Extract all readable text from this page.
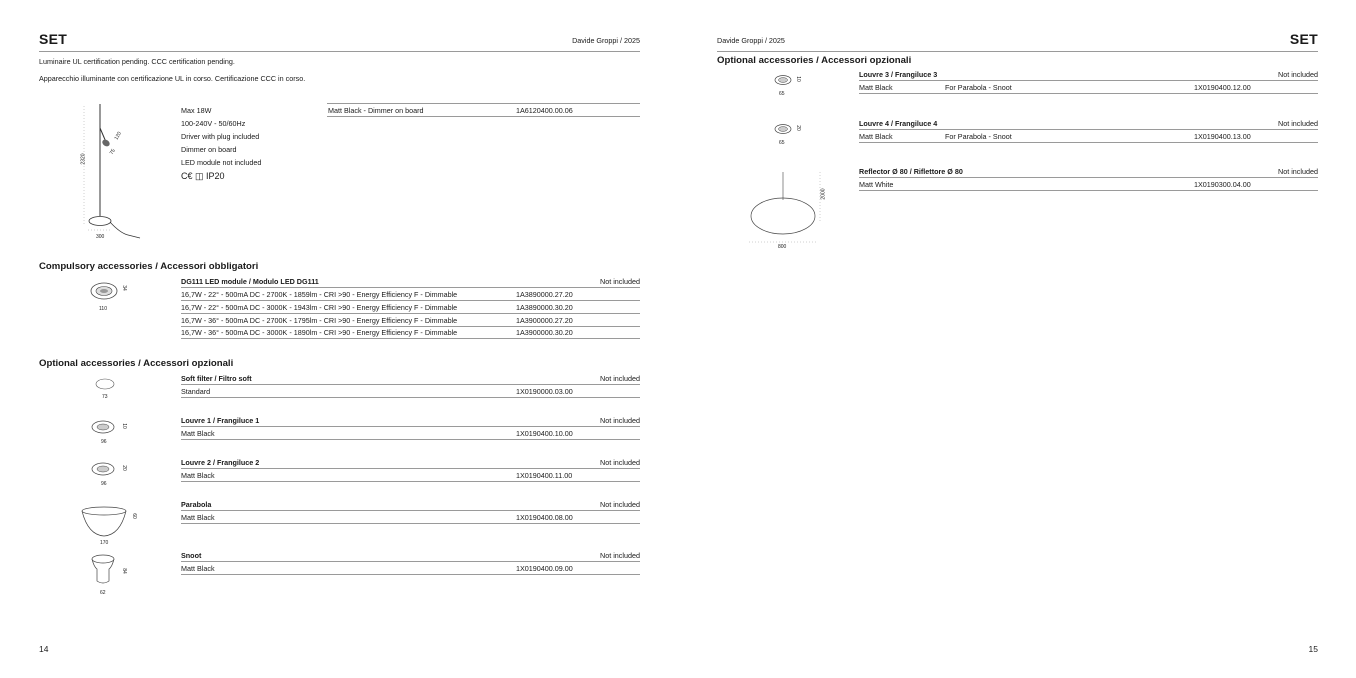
SET	Davide Groppi / 2025
Luminaire UL certification pending. CCC certification pending.
Apparecchio illuminante con certificazione UL in corso. Certificazione CCC in corso.
2320
300
120
75
Max 18W
100-240V - 50/60Hz
Driver with plug included
Dimmer on board
LED module not included
C€ ◫ IP20
Matt Black - Dimmer on board	1A6120400.00.06
Compulsory accessories / Accessori obbligatori
110
34
DG111 LED module / Modulo LED DG111	Not included
16,7W - 22° - 500mA DC - 2700K - 1859lm - CRI >90 - Energy Efficiency F - Dimmable	1A3890000.27.20
16,7W - 22° - 500mA DC - 3000K - 1943lm - CRI >90 - Energy Efficiency F - Dimmable	1A3890000.30.20
16,7W - 36° - 500mA DC - 2700K - 1795lm - CRI >90 - Energy Efficiency F - Dimmable	1A3900000.27.20
16,7W - 36° - 500mA DC - 3000K - 1890lm - CRI >90 - Energy Efficiency F - Dimmable	1A3900000.30.20
Optional accessories / Accessori opzionali
73
Soft filter / Filtro soft	Not included
Standard	1X0190000.03.00
96
10
Louvre 1 / Frangiluce 1	Not included
Matt Black	1X0190400.10.00
96
20
Louvre 2 / Frangiluce 2	Not included
Matt Black	1X0190400.11.00
170
60
Parabola	Not included
Matt Black	1X0190400.08.00
62
84
Snoot	Not included
Matt Black	1X0190400.09.00
14
Davide Groppi / 2025	SET
Optional accessories / Accessori opzionali
65
10	Louvre 3 / Frangiluce 3	Not included
Matt Black	For Parabola - Snoot	1X0190400.12.00
65
20	Louvre 4 / Frangiluce 4	Not included
Matt Black	For Parabola - Snoot	1X0190400.13.00
800
2000
Reflector Ø 80 / Riflettore Ø 80	Not included
Matt White	1X0190300.04.00
15
